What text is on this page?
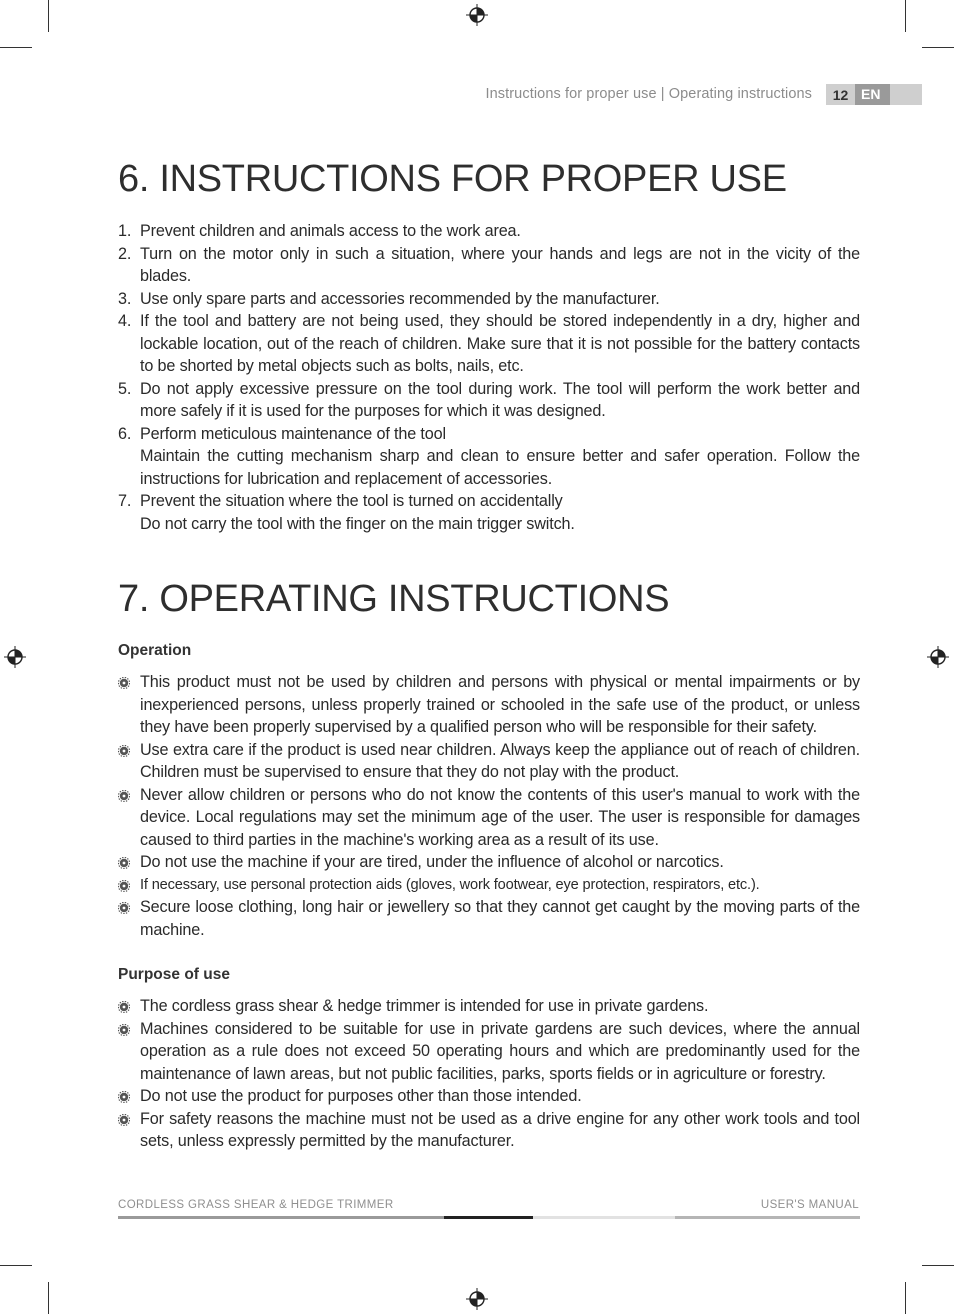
Instructions for proper use | Operating instructions	12 EN
6. INSTRUCTIONS FOR PROPER USE
1. Prevent children and animals access to the work area.
2. Turn on the motor only in such a situation, where your hands and legs are not in the vicity of the blades.
3. Use only spare parts and accessories recommended by the manufacturer.
4. If the tool and battery are not being used, they should be stored independently in a dry, higher and lockable location, out of the reach of children. Make sure that it is not possible for the battery contacts to be shorted by metal objects such as bolts, nails, etc.
5. Do not apply excessive pressure on the tool during work. The tool will perform the work better and more safely if it is used for the purposes for which it was designed.
6. Perform meticulous maintenance of the tool
Maintain the cutting mechanism sharp and clean to ensure better and safer operation. Follow the instructions for lubrication and replacement of accessories.
7. Prevent the situation where the tool is turned on accidentally
Do not carry the tool with the finger on the main trigger switch.
7. OPERATING INSTRUCTIONS
Operation
This product must not be used by children and persons with physical or mental impairments or by inexperienced persons, unless properly trained or schooled in the safe use of the product, or unless they have been properly supervised by a qualified person who will be responsible for their safety.
Use extra care if the product is used near children. Always keep the appliance out of reach of children. Children must be supervised to ensure that they do not play with the product.
Never allow children or persons who do not know the contents of this user's manual to work with the device. Local regulations may set the minimum age of the user. The user is responsible for damages caused to third parties in the machine's working area as a result of its use.
Do not use the machine if your are tired, under the influence of alcohol or narcotics.
If necessary, use personal protection aids (gloves, work footwear, eye protection, respirators, etc.).
Secure loose clothing, long hair or jewellery so that they cannot get caught by the moving parts of the machine.
Purpose of use
The cordless grass shear & hedge trimmer is intended for use in private gardens.
Machines considered to be suitable for use in private gardens are such devices, where the annual operation as a rule does not exceed 50 operating hours and which are predominantly used for the maintenance of lawn areas, but not public facilities, parks, sports fields or in agriculture or forestry.
Do not use the product for purposes other than those intended.
For safety reasons the machine must not be used as a drive engine for any other work tools and tool sets, unless expressly permitted by the manufacturer.
CORDLESS GRASS SHEAR & HEDGE TRIMMER	USER'S MANUAL
